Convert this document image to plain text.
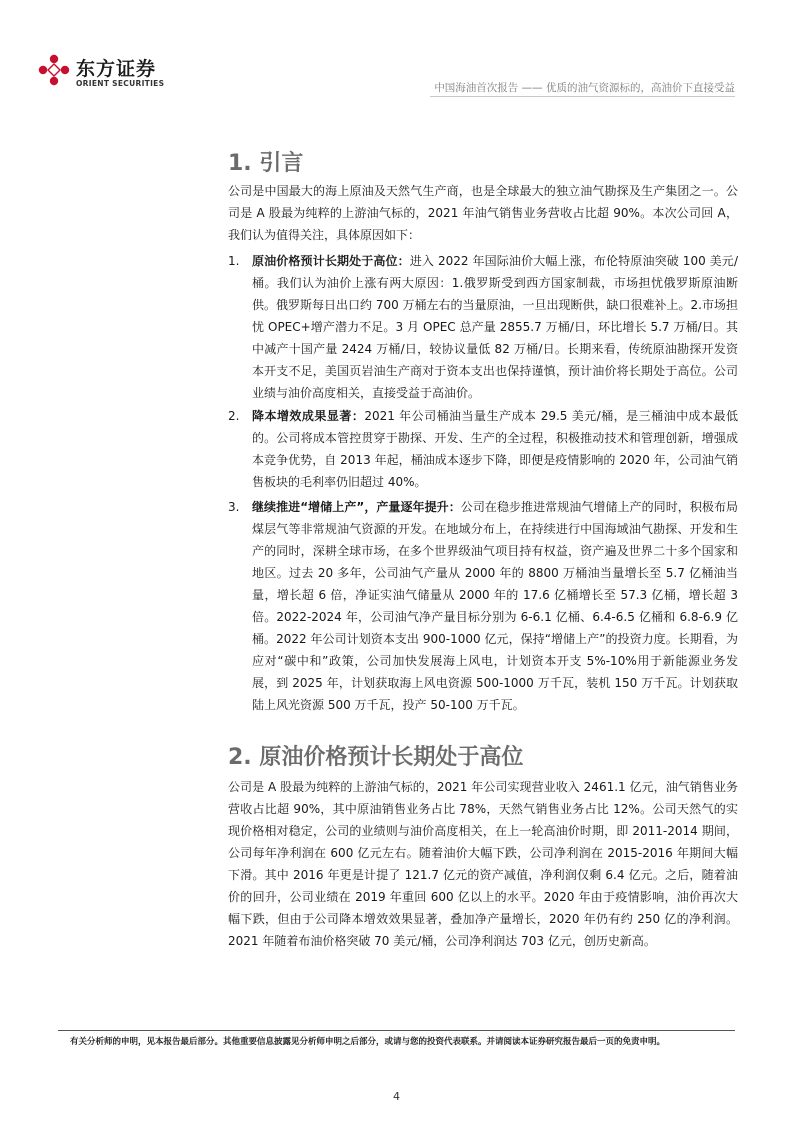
东方证券
ORIENT SECURITIES	中国海油首次报告 —— 优质的油气资源标的，高油价下直接受益
1. 引言

公司是中国最大的海上原油及天然气生产商，也是全球最大的独立油气勘探及生产集团之一。公司是 A 股最为纯粹的上游油气标的，2021 年油气销售业务营收占比超 90%。本次公司回 A，我们认为值得关注，具体原因如下：

1.	原油价格预计长期处于高位：进入 2022 年国际油价大幅上涨，布伦特原油突破 100 美元/桶。我们认为油价上涨有两大原因：1.俄罗斯受到西方国家制裁，市场担忧俄罗斯原油断供。俄罗斯每日出口约 700 万桶左右的当量原油，一旦出现断供，缺口很难补上。2.市场担忧 OPEC+增产潜力不足。3 月 OPEC 总产量 2855.7 万桶/日，环比增长 5.7 万桶/日。其中减产十国产量 2424 万桶/日，较协议量低 82 万桶/日。长期来看，传统原油勘探开发资本开支不足，美国页岩油生产商对于资本支出也保持谨慎，预计油价将长期处于高位。公司业绩与油价高度相关，直接受益于高油价。
2.	降本增效成果显著：2021 年公司桶油当量生产成本 29.5 美元/桶，是三桶油中成本最低的。公司将成本管控贯穿于勘探、开发、生产的全过程，积极推动技术和管理创新，增强成本竞争优势，自 2013 年起，桶油成本逐步下降，即便是疫情影响的 2020 年，公司油气销售板块的毛利率仍旧超过 40%。
3.	继续推进“增储上产”，产量逐年提升：公司在稳步推进常规油气增储上产的同时，积极布局煤层气等非常规油气资源的开发。在地域分布上，在持续进行中国海域油气勘探、开发和生产的同时，深耕全球市场，在多个世界级油气项目持有权益，资产遍及世界二十多个国家和地区。过去 20 多年，公司油气产量从 2000 年的 8800 万桶油当量增长至 5.7 亿桶油当量，增长超 6 倍，净证实油气储量从 2000 年的 17.6 亿桶增长至 57.3 亿桶，增长超 3 倍。2022-2024 年，公司油气净产量目标分别为 6-6.1 亿桶、6.4-6.5 亿桶和 6.8-6.9 亿桶。2022 年公司计划资本支出 900-1000 亿元，保持“增储上产”的投资力度。长期看，为应对“碳中和”政策，公司加快发展海上风电，计划资本开支 5%-10%用于新能源业务发展，到 2025 年，计划获取海上风电资源 500-1000 万千瓦，装机 150 万千瓦。计划获取陆上风光资源 500 万千瓦，投产 50-100 万千瓦。
2. 原油价格预计长期处于高位

公司是 A 股最为纯粹的上游油气标的，2021 年公司实现营业收入 2461.1 亿元，油气销售业务营收占比超 90%，其中原油销售业务占比 78%，天然气销售业务占比 12%。公司天然气的实现价格相对稳定，公司的业绩则与油价高度相关，在上一轮高油价时期，即 2011-2014 期间，公司每年净利润在 600 亿元左右。随着油价大幅下跌，公司净利润在 2015-2016 年期间大幅下滑。其中 2016 年更是计提了 121.7 亿元的资产减值，净利润仅剩 6.4 亿元。之后，随着油价的回升，公司业绩在 2019 年重回 600 亿以上的水平。2020 年由于疫情影响，油价再次大幅下跌，但由于公司降本增效效果显著，叠加净产量增长，2020 年仍有约 250 亿的净利润。2021 年随着布油价格突破 70 美元/桶，公司净利润达 703 亿元，创历史新高。

有关分析师的申明，见本报告最后部分。其他重要信息披露见分析师申明之后部分，或请与您的投资代表联系。并请阅读本证券研究报告最后一页的免责申明。
4
